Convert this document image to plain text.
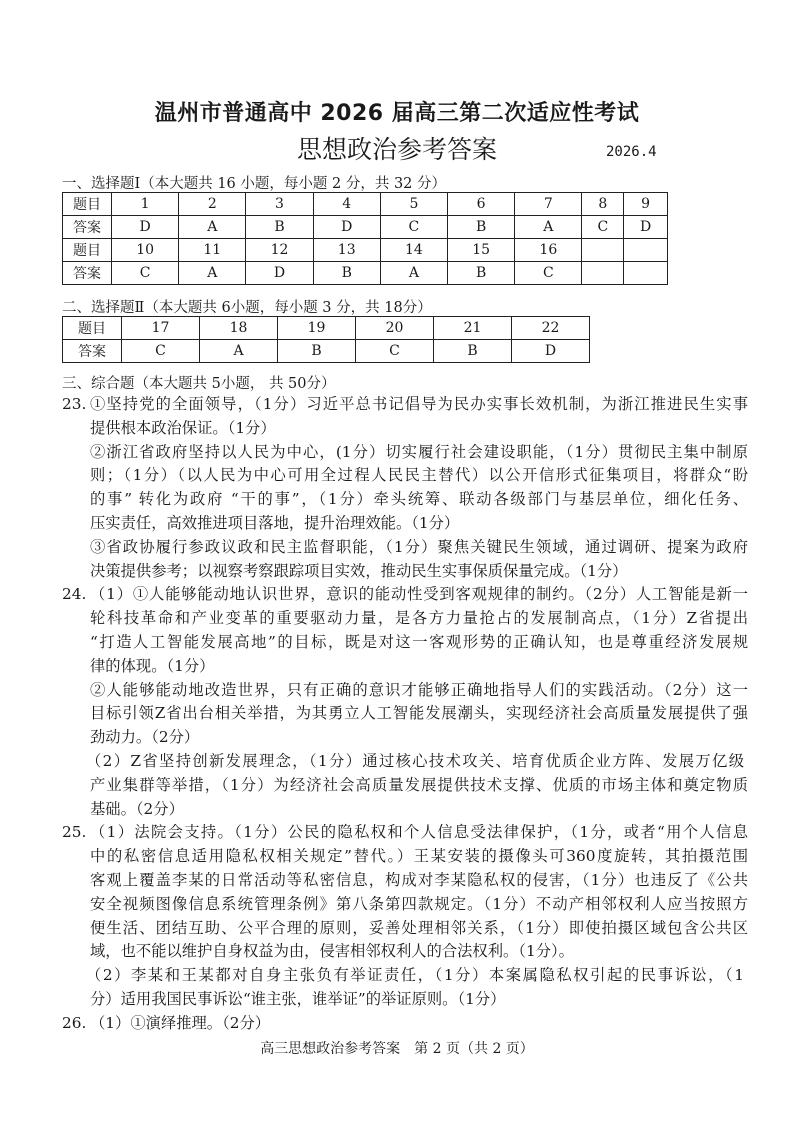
温州市普通高中 2026 届高三第二次适应性考试
思想政治参考答案	2026.4
一、选择题Ⅰ（本大题共 16 小题，每小题 2 分，共 32 分）
题目	1	2	3	4	5	6	7	8	9
答案	D	A	B	D	C	B	A	C	D
题目	10	11	12	13	14	15	16		
答案	C	A	D	B	A	B	C		
二、选择题Ⅱ（本大题共 6小题，每小题 3 分，共 18分）
题目	17	18	19	20	21	22
答案	C	A	B	C	B	D
三、综合题（本大题共 5小题， 共 50分）
23. ①坚持党的全面领导，（1分）习近平总书记倡导为民办实事长效机制，为浙江推进民生实事
提供根本政治保证。（1分）
②浙江省政府坚持以人民为中心，(1分）切实履行社会建设职能，（1分）贯彻民主集中制原
则；（1分）（以人民为中心可用全过程人民民主替代）以公开信形式征集项目，将群众“盼
的事” 转化为政府 “干的事”，（1分）牵头统筹、联动各级部门与基层单位，细化任务、
压实责任，高效推进项目落地，提升治理效能。（1分）
③省政协履行参政议政和民主监督职能，（1分）聚焦关键民生领域，通过调研、提案为政府
决策提供参考；以视察考察跟踪项目实效，推动民生实事保质保量完成。（1分）
24. （1）①人能够能动地认识世界，意识的能动性受到客观规律的制约。（2分）人工智能是新一
轮科技革命和产业变革的重要驱动力量，是各方力量抢占的发展制高点，（1分）Z省提出
“打造人工智能发展高地”的目标，既是对这一客观形势的正确认知，也是尊重经济发展规
律的体现。（1分）
②人能够能动地改造世界，只有正确的意识才能够正确地指导人们的实践活动。（2分）这一
目标引领Z省出台相关举措，为其勇立人工智能发展潮头，实现经济社会高质量发展提供了强
劲动力。（2分）
（2）Z省坚持创新发展理念，（1分）通过核心技术攻关、培育优质企业方阵、发展万亿级
产业集群等举措，（1分）为经济社会高质量发展提供技术支撑、优质的市场主体和奠定物质
基础。（2分）
25. （1）法院会支持。（1分）公民的隐私权和个人信息受法律保护，（1分，或者“用个人信息
中的私密信息适用隐私权相关规定”替代。）王某安装的摄像头可360度旋转，其拍摄范围
客观上覆盖李某的日常活动等私密信息，构成对李某隐私权的侵害，（1分）也违反了《公共
安全视频图像信息系统管理条例》第八条第四款规定。（1分）不动产相邻权利人应当按照方
便生活、团结互助、公平合理的原则，妥善处理相邻关系，（1分）即使拍摄区域包含公共区
域，也不能以维护自身权益为由，侵害相邻权利人的合法权利。（1分）。
（2）李某和王某都对自身主张负有举证责任，（1分）本案属隐私权引起的民事诉讼，（1
分）适用我国民事诉讼“谁主张，谁举证”的举证原则。（1分）
26. （1）①演绎推理。（2分）
高三思想政治参考答案　第 2 页（共 2 页）
